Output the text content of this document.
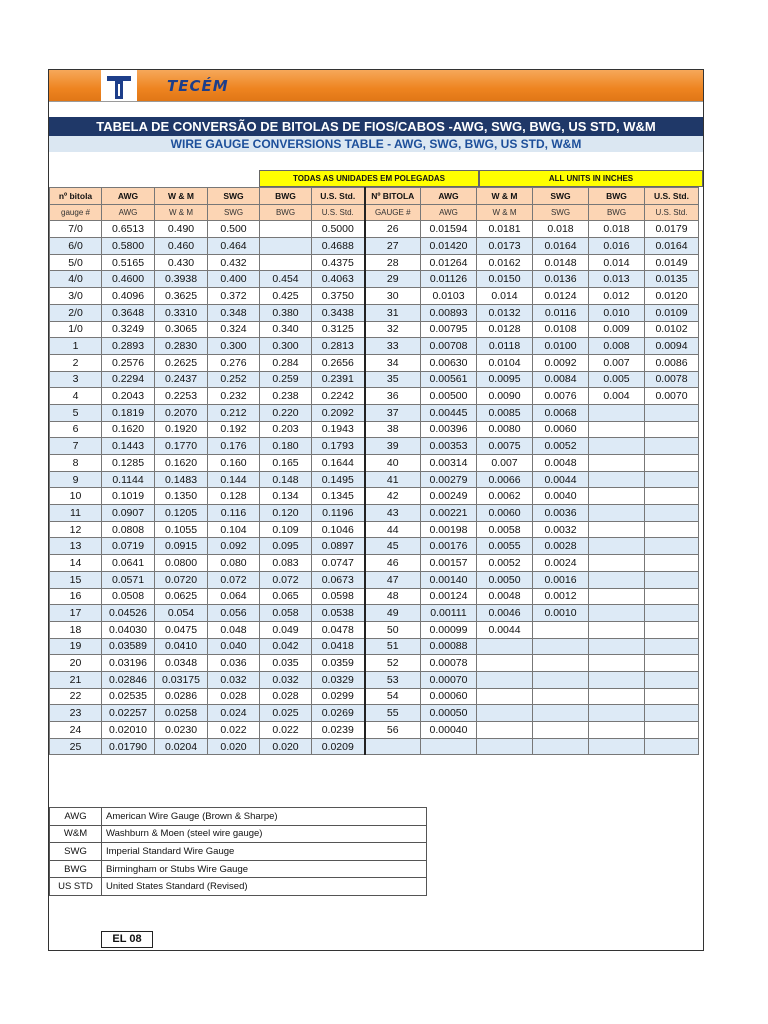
TECÉM
TABELA DE CONVERSÃO DE BITOLAS DE FIOS/CABOS -AWG, SWG, BWG, US STD, W&M
WIRE GAUGE CONVERSIONS TABLE - AWG, SWG, BWG, US STD, W&M
TODAS AS UNIDADES EM POLEGADAS	ALL UNITS IN INCHES
nº bitola	AWG	W & M	SWG	BWG	U.S. Std.	Nº BITOLA	AWG	W & M	SWG	BWG	U.S. Std.
gauge #	AWG	W & M	SWG	BWG	U.S. Std.	GAUGE #	AWG	W & M	SWG	BWG	U.S. Std.
7/0	0.6513	0.490	0.500		0.5000	26	0.01594	0.0181	0.018	0.018	0.0179
6/0	0.5800	0.460	0.464		0.4688	27	0.01420	0.0173	0.0164	0.016	0.0164
5/0	0.5165	0.430	0.432		0.4375	28	0.01264	0.0162	0.0148	0.014	0.0149
4/0	0.4600	0.3938	0.400	0.454	0.4063	29	0.01126	0.0150	0.0136	0.013	0.0135
3/0	0.4096	0.3625	0.372	0.425	0.3750	30	0.0103	0.014	0.0124	0.012	0.0120
2/0	0.3648	0.3310	0.348	0.380	0.3438	31	0.00893	0.0132	0.0116	0.010	0.0109
1/0	0.3249	0.3065	0.324	0.340	0.3125	32	0.00795	0.0128	0.0108	0.009	0.0102
1	0.2893	0.2830	0.300	0.300	0.2813	33	0.00708	0.0118	0.0100	0.008	0.0094
2	0.2576	0.2625	0.276	0.284	0.2656	34	0.00630	0.0104	0.0092	0.007	0.0086
3	0.2294	0.2437	0.252	0.259	0.2391	35	0.00561	0.0095	0.0084	0.005	0.0078
4	0.2043	0.2253	0.232	0.238	0.2242	36	0.00500	0.0090	0.0076	0.004	0.0070
5	0.1819	0.2070	0.212	0.220	0.2092	37	0.00445	0.0085	0.0068		
6	0.1620	0.1920	0.192	0.203	0.1943	38	0.00396	0.0080	0.0060		
7	0.1443	0.1770	0.176	0.180	0.1793	39	0.00353	0.0075	0.0052		
8	0.1285	0.1620	0.160	0.165	0.1644	40	0.00314	0.007	0.0048		
9	0.1144	0.1483	0.144	0.148	0.1495	41	0.00279	0.0066	0.0044		
10	0.1019	0.1350	0.128	0.134	0.1345	42	0.00249	0.0062	0.0040		
11	0.0907	0.1205	0.116	0.120	0.1196	43	0.00221	0.0060	0.0036		
12	0.0808	0.1055	0.104	0.109	0.1046	44	0.00198	0.0058	0.0032		
13	0.0719	0.0915	0.092	0.095	0.0897	45	0.00176	0.0055	0.0028		
14	0.0641	0.0800	0.080	0.083	0.0747	46	0.00157	0.0052	0.0024		
15	0.0571	0.0720	0.072	0.072	0.0673	47	0.00140	0.0050	0.0016		
16	0.0508	0.0625	0.064	0.065	0.0598	48	0.00124	0.0048	0.0012		
17	0.04526	0.054	0.056	0.058	0.0538	49	0.00111	0.0046	0.0010		
18	0.04030	0.0475	0.048	0.049	0.0478	50	0.00099	0.0044			
19	0.03589	0.0410	0.040	0.042	0.0418	51	0.00088				
20	0.03196	0.0348	0.036	0.035	0.0359	52	0.00078				
21	0.02846	0.03175	0.032	0.032	0.0329	53	0.00070				
22	0.02535	0.0286	0.028	0.028	0.0299	54	0.00060				
23	0.02257	0.0258	0.024	0.025	0.0269	55	0.00050				
24	0.02010	0.0230	0.022	0.022	0.0239	56	0.00040				
25	0.01790	0.0204	0.020	0.020	0.0209						
AWG	American Wire Gauge (Brown & Sharpe)
W&M	Washburn & Moen (steel wire gauge)
SWG	Imperial Standard Wire Gauge
BWG	Birmingham or Stubs Wire Gauge
US STD	United States Standard (Revised)
EL 08
